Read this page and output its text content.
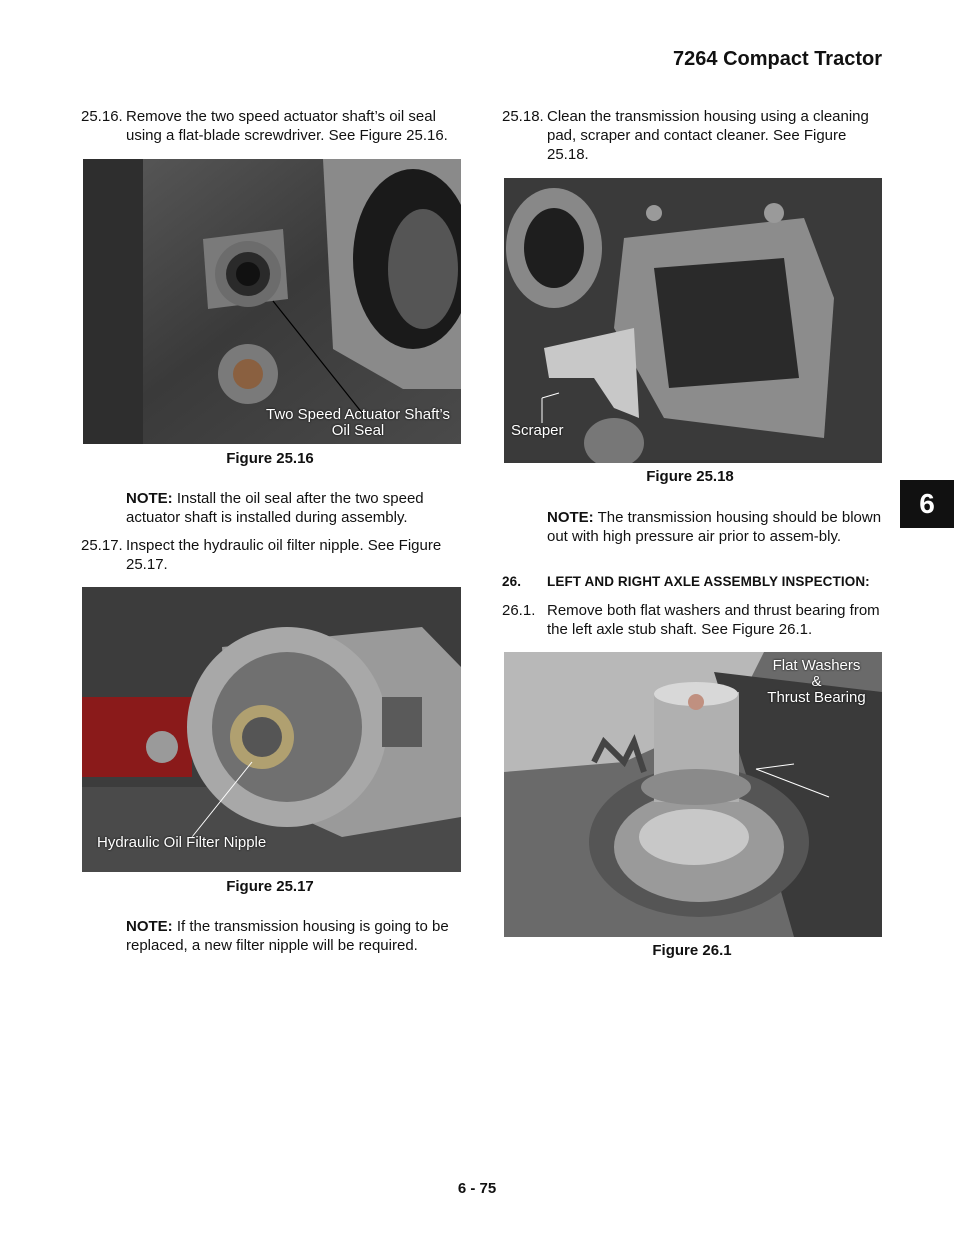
7264 Compact Tractor
25.16. Remove the two speed actuator shaft’s oil seal using a flat-blade screwdriver. See Figure 25.16.
Two Speed Actuator Shaft’s
Oil Seal
Figure 25.16
NOTE: Install the oil seal after the two speed actuator shaft is installed during assembly.
25.17. Inspect the hydraulic oil filter nipple. See Figure 25.17.
Hydraulic Oil Filter Nipple
Figure 25.17
NOTE: If the transmission housing is going to be replaced, a new filter nipple will be required.
25.18. Clean the transmission housing using a cleaning pad, scraper and contact cleaner. See Figure 25.18.
Scraper
Figure 25.18
NOTE: The transmission housing should be blown out with high pressure air prior to assem-bly.
26. LEFT AND RIGHT AXLE ASSEMBLY INSPECTION:
26.1. Remove both flat washers and thrust bearing from the left axle stub shaft. See Figure 26.1.
Flat Washers
&
Thrust Bearing
Figure 26.1
6
6 - 75
